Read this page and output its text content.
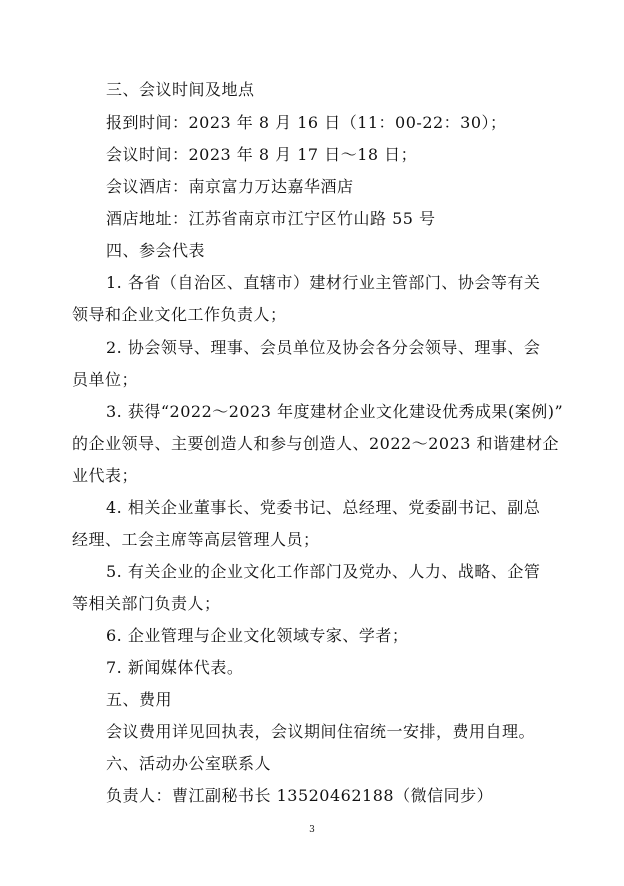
三、会议时间及地点
报到时间：2023 年 8 月 16 日（11：00-22：30）；
会议时间：2023 年 8 月 17 日～18 日；
会议酒店：南京富力万达嘉华酒店
酒店地址：江苏省南京市江宁区竹山路 55 号
四、参会代表
1. 各省（自治区、直辖市）建材行业主管部门、协会等有关
领导和企业文化工作负责人；
2. 协会领导、理事、会员单位及协会各分会领导、理事、会
员单位；
3. 获得“2022～2023 年度建材企业文化建设优秀成果(案例)”
的企业领导、主要创造人和参与创造人、2022～2023 和谐建材企
业代表；
4. 相关企业董事长、党委书记、总经理、党委副书记、副总
经理、工会主席等高层管理人员；
5. 有关企业的企业文化工作部门及党办、人力、战略、企管
等相关部门负责人；
6. 企业管理与企业文化领域专家、学者；
7. 新闻媒体代表。
五、费用
会议费用详见回执表，会议期间住宿统一安排，费用自理。
六、活动办公室联系人
负责人：曹江副秘书长 13520462188（微信同步）
3
